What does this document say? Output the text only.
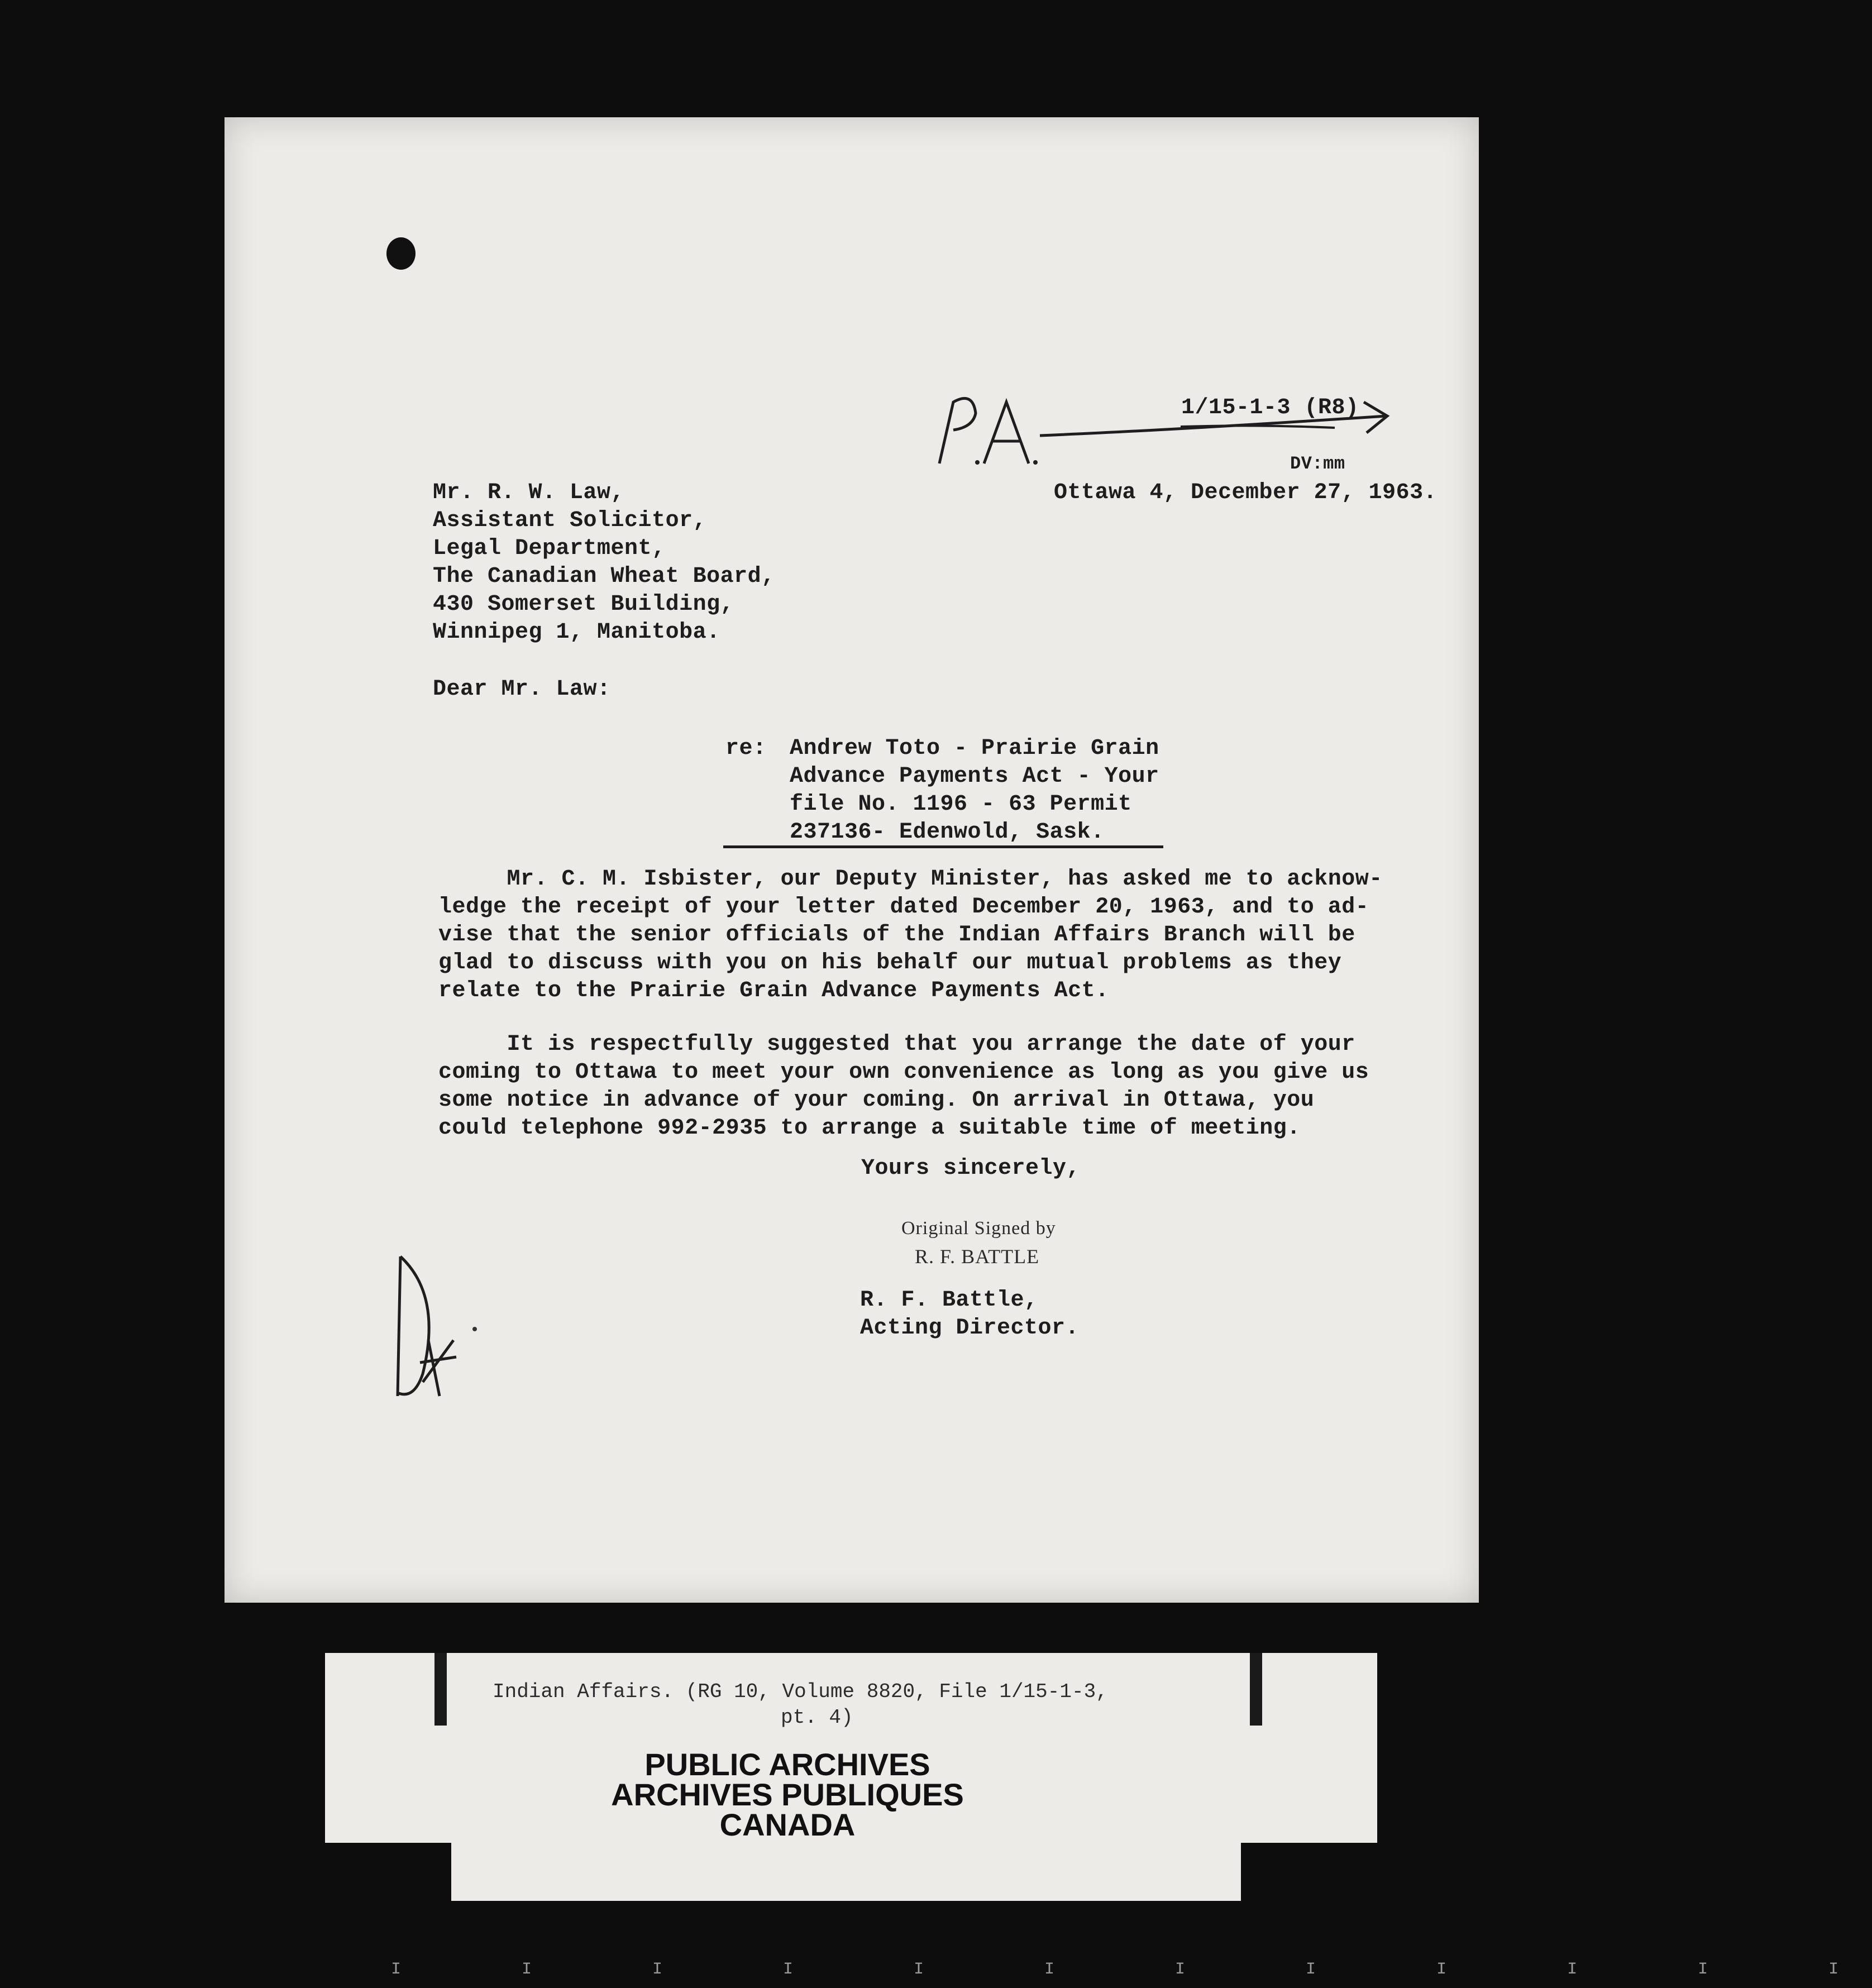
1/15-1-3 (R8)
DV:mm
Ottawa 4, December 27, 1963.
Mr. R. W. Law,
Assistant Solicitor,
Legal Department,
The Canadian Wheat Board,
430 Somerset Building,
Winnipeg 1, Manitoba.
Dear Mr. Law:
re: Andrew Toto - Prairie Grain
Advance Payments Act - Your
file No. 1196 - 63 Permit
237136- Edenwold, Sask.
Mr. C. M. Isbister, our Deputy Minister, has asked me to acknow-
ledge the receipt of your letter dated December 20, 1963, and to ad-
vise that the senior officials of the Indian Affairs Branch will be
glad to discuss with you on his behalf our mutual problems as they
relate to the Prairie Grain Advance Payments Act.
It is respectfully suggested that you arrange the date of your
coming to Ottawa to meet your own convenience as long as you give us
some notice in advance of your coming. On arrival in Ottawa, you
could telephone 992-2935 to arrange a suitable time of meeting.
Yours sincerely,
Original Signed by
R. F. BATTLE
R. F. Battle,
Acting Director.
Indian Affairs. (RG 10, Volume 8820, File 1/15-1-3,
pt. 4)
PUBLIC ARCHIVES
ARCHIVES PUBLIQUES
CANADA
I  I  I  I  I  I  I  I  I  I  I  I
